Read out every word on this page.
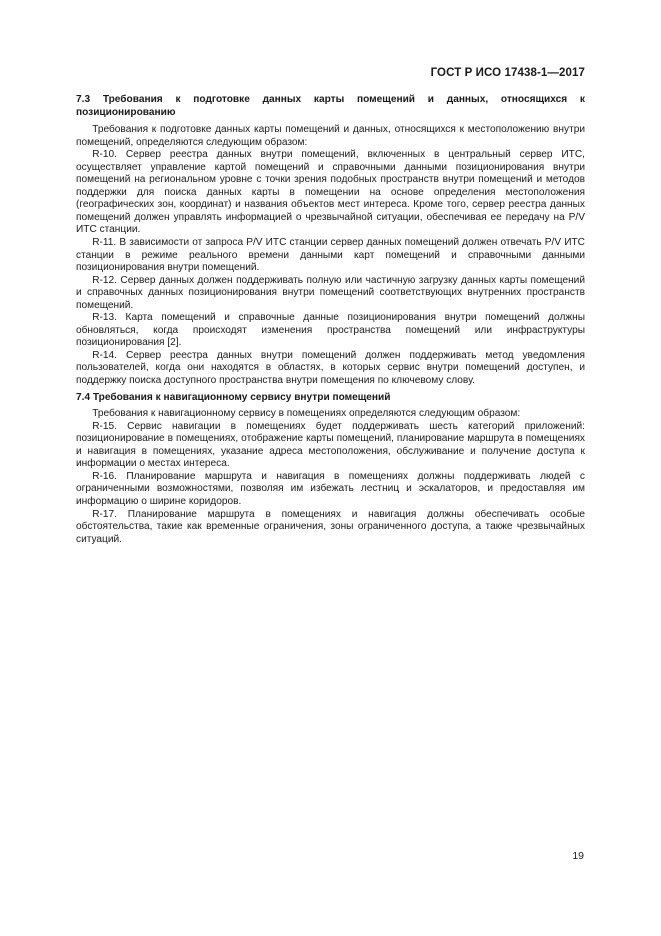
ГОСТ Р ИСО 17438-1—2017
7.3 Требования к подготовке данных карты помещений и данных, относящихся к позиционированию

Требования к подготовке данных карты помещений и данных, относящихся к местоположению внутри помещений, определяются следующим образом:

R-10. Сервер реестра данных внутри помещений, включенных в центральный сервер ИТС, осуществляет управление картой помещений и справочными данными позиционирования внутри помещений на региональном уровне с точки зрения подобных пространств внутри помещений и методов поддержки для поиска данных карты в помещении на основе определения местоположения (географических зон, координат) и названия объектов мест интереса. Кроме того, сервер реестра данных помещений должен управлять информацией о чрезвычайной ситуации, обеспечивая ее передачу на P/V ИТС станции.

R-11. В зависимости от запроса P/V ИТС станции сервер данных помещений должен отвечать P/V ИТС станции в режиме реального времени данными карт помещений и справочными данными позиционирования внутри помещений.

R-12. Сервер данных должен поддерживать полную или частичную загрузку данных карты помещений и справочных данных позиционирования внутри помещений соответствующих внутренних пространств помещений.

R-13. Карта помещений и справочные данные позиционирования внутри помещений должны обновляться, когда происходят изменения пространства помещений или инфраструктуры позиционирования [2].

R-14. Сервер реестра данных внутри помещений должен поддерживать метод уведомления пользователей, когда они находятся в областях, в которых сервис внутри помещений доступен, и поддержку поиска доступного пространства внутри помещения по ключевому слову.

7.4 Требования к навигационному сервису внутри помещений

Требования к навигационному сервису в помещениях определяются следующим образом:

R-15. Сервис навигации в помещениях будет поддерживать шесть категорий приложений: позиционирование в помещениях, отображение карты помещений, планирование маршрута в помещениях и навигация в помещениях, указание адреса местоположения, обслуживание и получение доступа к информации о местах интереса.

R-16. Планирование маршрута и навигация в помещениях должны поддерживать людей с ограниченными возможностями, позволяя им избежать лестниц и эскалаторов, и предоставляя им информацию о ширине коридоров.

R-17. Планирование маршрута в помещениях и навигация должны обеспечивать особые обстоятельства, такие как временные ограничения, зоны ограниченного доступа, а также чрезвычайных ситуаций.

19
